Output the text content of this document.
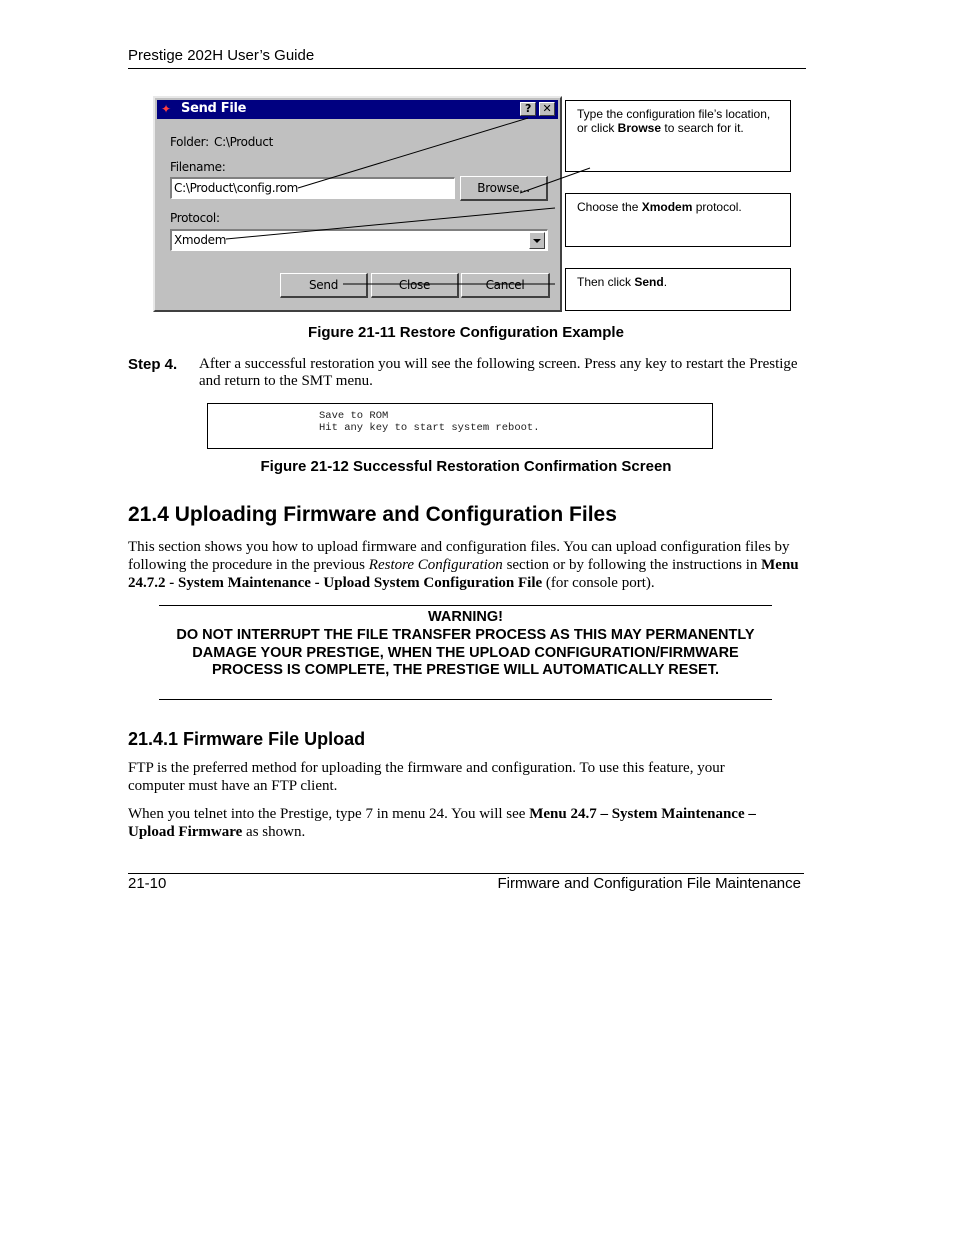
Prestige 202H User’s Guide
✦ Send File	?	✕
Folder: C:\Product
Filename:
C:\Product\config.rom	Browse...
Protocol:
Xmodem
Send	Close	Cancel
Type the configuration file’s location, or click Browse to search for it.
Choose the Xmodem protocol.
Then click Send.
Figure 21-11 Restore Configuration Example
Step 4. After a successful restoration you will see the following screen. Press any key to restart the Prestige and return to the SMT menu.
Save to ROM
Hit any key to start system reboot.
Figure 21-12 Successful Restoration Confirmation Screen
21.4 Uploading Firmware and Configuration Files
This section shows you how to upload firmware and configuration files. You can upload configuration files by following the procedure in the previous Restore Configuration section or by following the instructions in Menu 24.7.2 - System Maintenance - Upload System Configuration File (for console port).
WARNING!
DO NOT INTERRUPT THE FILE TRANSFER PROCESS AS THIS MAY PERMANENTLY DAMAGE YOUR PRESTIGE, WHEN THE UPLOAD CONFIGURATION/FIRMWARE PROCESS IS COMPLETE, THE PRESTIGE WILL AUTOMATICALLY RESET.
21.4.1 Firmware File Upload
FTP is the preferred method for uploading the firmware and configuration. To use this feature, your computer must have an FTP client.
When you telnet into the Prestige, type 7 in menu 24. You will see Menu 24.7 – System Maintenance – Upload Firmware as shown.
21-10	Firmware and Configuration File Maintenance
